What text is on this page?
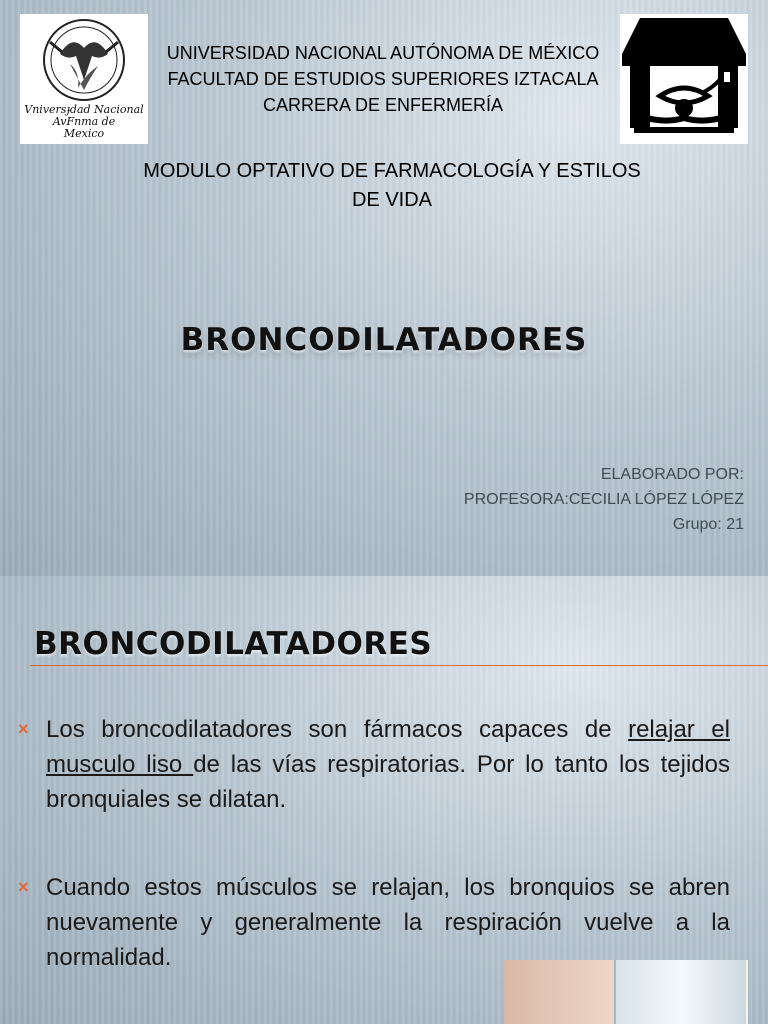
Vniversɟdad Nacional
AvFnma de
Mexico
UNIVERSIDAD NACIONAL AUTÓNOMA DE MÉXICO
FACULTAD DE ESTUDIOS SUPERIORES IZTACALA
CARRERA DE ENFERMERÍA
MODULO OPTATIVO DE FARMACOLOGÍA Y ESTILOS
DE VIDA
BRONCODILATADORES
ELABORADO POR:
PROFESORA:CECILIA LÓPEZ LÓPEZ
Grupo: 21
BRONCODILATADORES
× Los broncodilatadores son fármacos capaces de relajar el musculo liso de las vías respiratorias. Por lo tanto los tejidos bronquiales se dilatan.
× Cuando estos músculos se relajan, los bronquios se abren nuevamente y generalmente la respiración vuelve a la normalidad.
